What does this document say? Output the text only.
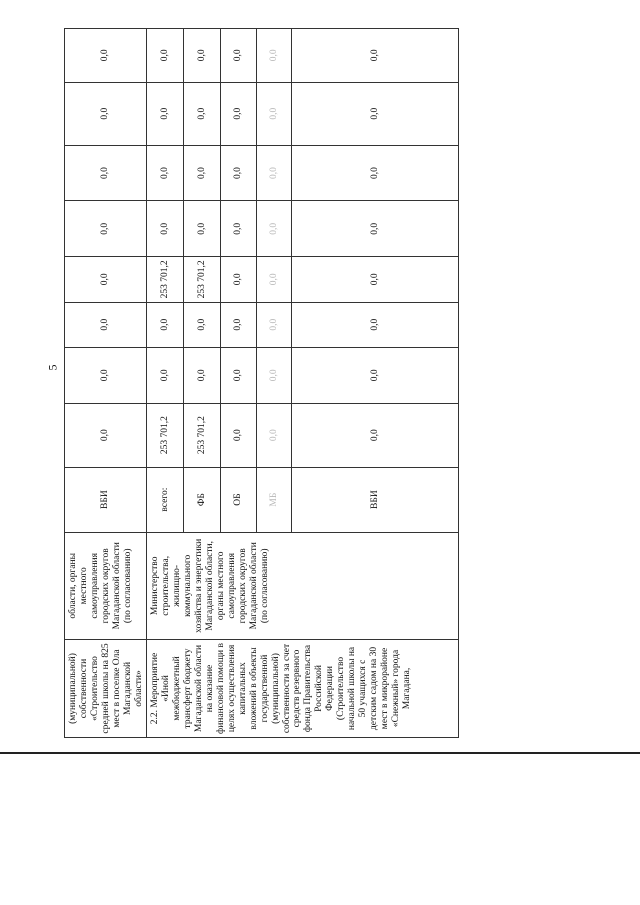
5
(муниципальной) собственности «Строительство средней школы на 825 мест в поселке Ола Магаданской области»	области, органы местного самоуправления городских округов Магаданской области (по согласованию)	ВБИ	0,0	0,0	0,0	0,0	0,0	0,0	0,0	0,0
2.2. Мероприятие «Иной межбюджетный трансферт бюджету Магаданской области на оказание финансовой помощи в целях осуществления капитальных вложений в объекты государственной (муниципальной) собственности за счет средств резервного фонда Правительства Российской Федерации (Строительство начальной школы на 50 учащихся с детским садом на 30 мест в микрорайоне «Снежный» города Магадана,	Министерство строительства, жилищно-коммунального хозяйства и энергетики Магаданской области, органы местного самоуправления городских округов Магаданской области (по согласованию)	всего:	253 701,2	0,0	0,0	253 701,2	0,0	0,0	0,0	0,0
		ФБ	253 701,2	0,0	0,0	253 701,2	0,0	0,0	0,0	0,0
		ОБ	0,0	0,0	0,0	0,0	0,0	0,0	0,0	0,0
		МБ	0,0	0,0	0,0	0,0	0,0	0,0	0,0	0,0
		ВБИ	0,0	0,0	0,0	0,0	0,0	0,0	0,0	0,0
